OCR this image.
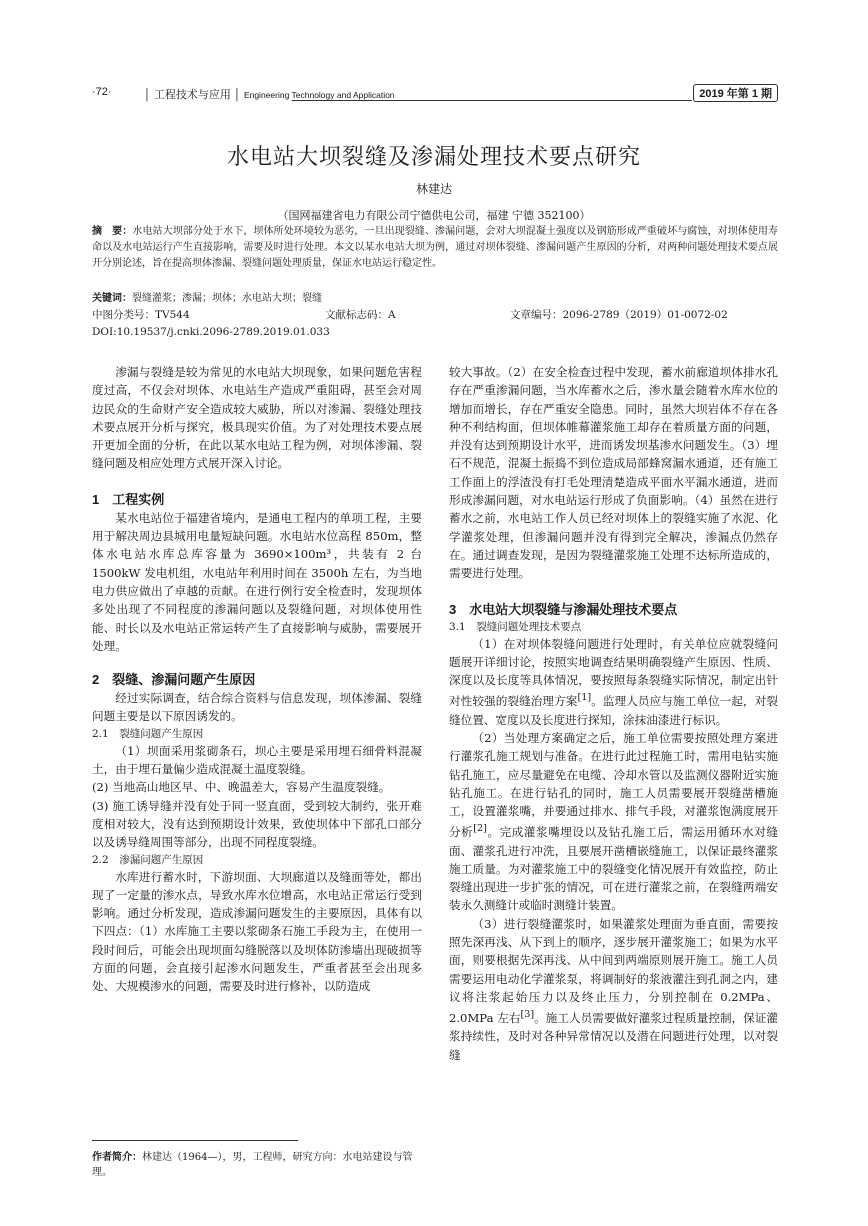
·72·	│ 工程技术与应用 │ Engineering Technology and Application	2019 年第 1 期
水电站大坝裂缝及渗漏处理技术要点研究
林建达
（国网福建省电力有限公司宁德供电公司，福建 宁德 352100）
摘　要：水电站大坝部分处于水下，坝体所处环境较为恶劣，一旦出现裂缝、渗漏问题，会对大坝混凝土强度以及钢筋形成严重破坏与腐蚀，对坝体使用寿命以及水电站运行产生直接影响，需要及时进行处理。本文以某水电站大坝为例，通过对坝体裂缝、渗漏问题产生原因的分析，对两种问题处理技术要点展开分别论述，旨在提高坝体渗漏、裂缝问题处理质量，保证水电站运行稳定性。
关键词：裂缝灌浆；渗漏；坝体；水电站大坝；裂缝
中图分类号：TV544	文献标志码：A	文章编号：2096-2789（2019）01-0072-02
DOI:10.19537/j.cnki.2096-2789.2019.01.033

渗漏与裂缝是较为常见的水电站大坝现象，如果问题危害程度过高，不仅会对坝体、水电站生产造成严重阻碍，甚至会对周边民众的生命财产安全造成较大威胁，所以对渗漏、裂缝处理技术要点展开分析与探究，极具现实价值。为了对处理技术要点展开更加全面的分析，在此以某水电站工程为例，对坝体渗漏、裂缝问题及相应处理方式展开深入讨论。

1　工程实例

某水电站位于福建省境内，是通电工程内的单项工程，主要用于解决周边县城用电量短缺问题。水电站水位高程 850m，整体水电站水库总库容量为 3690×100m³，共装有 2 台 1500kW 发电机组，水电站年利用时间在 3500h 左右，为当地电力供应做出了卓越的贡献。在进行例行安全检查时，发现坝体多处出现了不同程度的渗漏问题以及裂缝问题，对坝体使用性能、时长以及水电站正常运转产生了直接影响与威胁，需要展开处理。

2　裂缝、渗漏问题产生原因

经过实际调查，结合综合资料与信息发现，坝体渗漏、裂缝问题主要是以下原因诱发的。

2.1　裂缝问题产生原因

（1）坝面采用浆砌条石，坝心主要是采用埋石细骨料混凝土，由于埋石量偏少造成混凝土温度裂缝。

(2) 当地高山地区早、中、晚温差大，容易产生温度裂缝。

(3) 施工诱导缝并没有处于同一竖直面，受到较大制约，张开难度相对较大，没有达到预期设计效果，致使坝体中下部孔口部分以及诱导缝周围等部分，出现不同程度裂缝。

2.2　渗漏问题产生原因

水库进行蓄水时，下游坝面、大坝廊道以及缝面等处，都出现了一定量的渗水点，导致水库水位增高，水电站正常运行受到影响。通过分析发现，造成渗漏问题发生的主要原因，具体有以下四点：（1）水库施工主要以浆砌条石施工手段为主，在使用一段时间后，可能会出现坝面勾缝脱落以及坝体防渗墙出现破损等方面的问题，会直接引起渗水问题发生，严重者甚至会出现多处、大规模渗水的问题，需要及时进行修补，以防造成

较大事故。（2）在安全检查过程中发现，蓄水前廊道坝体排水孔存在严重渗漏问题，当水库蓄水之后，渗水量会随着水库水位的增加而增长，存在严重安全隐患。同时，虽然大坝岩体不存在各种不利结构面，但坝体帷幕灌浆施工却存在着质量方面的问题，并没有达到预期设计水平，进而诱发坝基渗水问题发生。（3）埋石不规范，混凝土振捣不到位造成局部蜂窝漏水通道，还有施工工作面上的浮渣没有打毛处理清楚造成平面水平漏水通道，进而形成渗漏问题，对水电站运行形成了负面影响。（4）虽然在进行蓄水之前，水电站工作人员已经对坝体上的裂缝实施了水泥、化学灌浆处理，但渗漏问题并没有得到完全解决，渗漏点仍然存在。通过调查发现，是因为裂缝灌浆施工处理不达标所造成的，需要进行处理。

3　水电站大坝裂缝与渗漏处理技术要点
3.1　裂缝问题处理技术要点

（1）在对坝体裂缝问题进行处理时，有关单位应就裂缝问题展开详细讨论，按照实地调查结果明确裂缝产生原因、性质、深度以及长度等具体情况，要按照每条裂缝实际情况，制定出针对性较强的裂缝治理方案[1]。监理人员应与施工单位一起，对裂缝位置、宽度以及长度进行探知，涂抹油漆进行标识。

（2）当处理方案确定之后，施工单位需要按照处理方案进行灌浆孔施工规划与准备。在进行此过程施工时，需用电钻实施钻孔施工，应尽量避免在电缆、冷却水管以及监测仪器附近实施钻孔施工。在进行钻孔的同时，施工人员需要展开裂缝凿槽施工，设置灌浆嘴，并要通过排水、排气手段，对灌浆饱满度展开分析[2]。完成灌浆嘴埋设以及钻孔施工后，需运用循环水对缝面、灌浆孔进行冲洗，且要展开凿槽嵌缝施工，以保证最终灌浆施工质量。为对灌浆施工中的裂缝变化情况展开有效监控，防止裂缝出现进一步扩张的情况，可在进行灌浆之前，在裂缝两端安装永久测缝计或临时测缝计装置。

（3）进行裂缝灌浆时，如果灌浆处理面为垂直面，需要按照先深再浅、从下到上的顺序，逐步展开灌浆施工；如果为水平面，则要根据先深再浅、从中间到两端原则展开施工。施工人员需要运用电动化学灌浆泵，将调制好的浆液灌注到孔洞之内，建议将注浆起始压力以及终止压力，分别控制在 0.2MPa、2.0MPa 左右[3]。施工人员需要做好灌浆过程质量控制，保证灌浆持续性，及时对各种异常情况以及潜在问题进行处理，以对裂缝

作者简介：林建达（1964—），男，工程师，研究方向：水电站建设与管理。
